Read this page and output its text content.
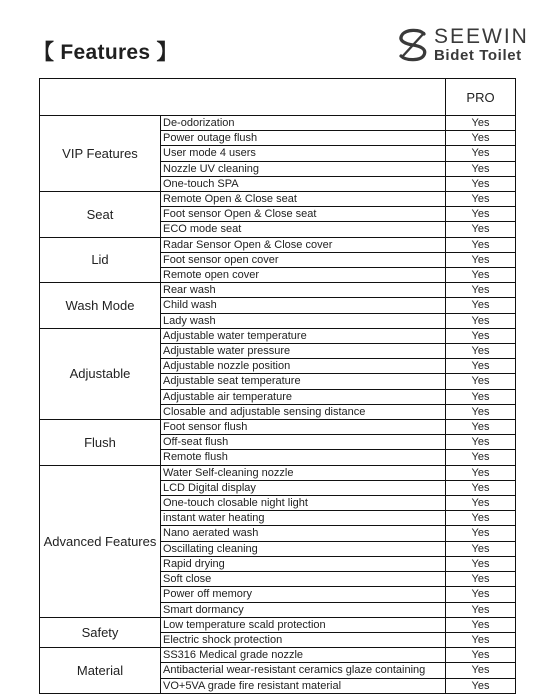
【 Features 】
SEEWIN
Bidet Toilet
		PRO
VIP Features	De-odorization	Yes
	Power outage flush	Yes
	User mode 4 users	Yes
	Nozzle UV cleaning	Yes
	One-touch SPA	Yes
Seat	Remote Open & Close seat	Yes
	Foot sensor Open & Close seat	Yes
	ECO mode seat	Yes
Lid	Radar Sensor Open & Close cover	Yes
	Foot sensor open cover	Yes
	Remote open cover	Yes
Wash Mode	Rear wash	Yes
	Child wash	Yes
	Lady wash	Yes
Adjustable	Adjustable water temperature	Yes
	Adjustable water pressure	Yes
	Adjustable nozzle position	Yes
	Adjustable seat temperature	Yes
	Adjustable air temperature	Yes
	Closable and adjustable sensing distance	Yes
Flush	Foot sensor flush	Yes
	Off-seat flush	Yes
	Remote flush	Yes
Advanced Features	Water Self-cleaning nozzle	Yes
	LCD Digital display	Yes
	One-touch closable night light	Yes
	instant water heating	Yes
	Nano aerated wash	Yes
	Oscillating cleaning	Yes
	Rapid drying	Yes
	Soft close	Yes
	Power off memory	Yes
	Smart dormancy	Yes
Safety	Low temperature scald protection	Yes
	Electric shock protection	Yes
Material	SS316 Medical grade nozzle	Yes
	Antibacterial wear-resistant ceramics glaze containing	Yes
	VO+5VA grade fire resistant material	Yes
